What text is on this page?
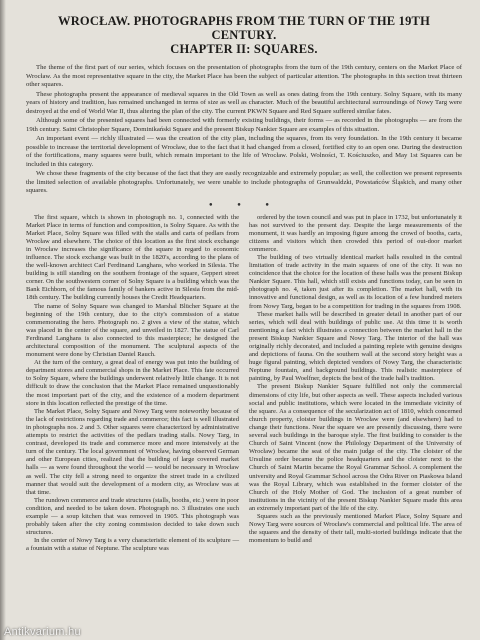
WROCŁAW. PHOTOGRAPHS FROM THE TURN OF THE 19TH CENTURY.
CHAPTER II: SQUARES.

The theme of the first part of our series, which focuses on the presentation of photographs from the turn of the 19th century, centers on the Market Place of Wrocław. As the most representative square in the city, the Market Place has been the subject of particular attention. The photographs in this section treat thirteen other squares.

These photographs present the appearance of medieval squares in the Old Town as well as ones dating from the 19th century. Solny Square, with its many years of history and tradition, has remained unchanged in terms of size as well as character. Much of the beautiful architectural surroundings of Nowy Targ were destroyed at the end of World War II, thus altering the plan of the city. The current PKWN Square and Red Square suffered similar fates.

Although some of the presented squares had been connected with formerly existing buildings, their forms — as recorded in the photographs — are from the 19th century. Saint Christopher Square, Dominikański Square and the present Biskup Nankier Square are examples of this situation.

An important event — richly illustrated — was the creation of the city plan, including the squares, from its very foundation. In the 19th century it became possible to increase the territorial development of Wrocław, due to the fact that it had changed from a closed, fortified city to an open one. During the destruction of the fortifications, many squares were built, which remain important to the life of Wrocław. Polski, Wolności, T. Kościuszko, and May 1st Squares can be included in this category.

We chose these fragments of the city because of the fact that they are easily recognizable and extremely popular; as well, the collection we present represents the limited selection of available photographs. Unfortunately, we were unable to include photographs of Grunwaldzki, Powstańców Śląskich, and many other squares.

• • •

The first square, which is shown in photograph no. 1, connected with the Market Place in terms of function and composition, is Solny Square. As with the Market Place, Solny Square was filled with the stalls and carts of pedlars from Wrocław and elsewhere. The choice of this location as the first stock exchange in Wrocław increases the significance of the square in regard to economic influence. The stock exchange was built in the 1820's, according to the plans of the well-known architect Carl Ferdinand Langhans, who worked in Silesia. The building is still standing on the southern frontage of the square, Geppert street corner. On the southwestern corner of Solny Square is a building which was the Bank Eichborn, of the famous family of bankers active in Silesia from the mid-18th century. The building currently houses the Credit Headquarters.

The name of Solny Square was changed to Marshal Blücher Square at the beginning of the 19th century, due to the city's commission of a statue commemorating the hero. Photograph no. 2 gives a view of the statue, which was placed in the center of the square, and unveiled in 1827. The statue of Carl Ferdinand Langhans is also connected to this masterpiece; he designed the architectural composition of the monument. The sculptural aspects of the monument were done by Christian Daniel Rauch.

At the turn of the century, a great deal of energy was put into the building of department stores and commercial shops in the Market Place. This fate occurred to Solny Square, where the buildings underwent relatively little change. It is not difficult to draw the conclusion that the Market Place remained unquestionably the most important part of the city, and the existence of a modern department store in this location reflected the prestige of the time.

The Market Place, Solny Square and Nowy Targ were noteworthy because of the lack of restrictions regarding trade and commerce; this fact is well illustrated in photographs nos. 2 and 3. Other squares were characterized by administrative attempts to restrict the activities of the pedlars trading stalls. Nowy Targ, in contrast, developed its trade and commerce more and more intensively at the turn of the century. The local government of Wrocław, having observed German and other European cities, realized that the building of large covered market halls — as were found throughout the world — would be necessary in Wrocław as well. The city fell a strong need to organize the street trade in a civilized manner that would suit the development of a modern city, as Wrocław was at that time.

The rundown commerce and trade structures (stalls, booths, etc.) were in poor condition, and needed to be taken down. Photograph no. 3 illustrates one such example — a soup kitchen that was removed in 1905. This photograph was probably taken after the city zoning commission decided to take down such structures.

In the center of Nowy Targ is a very characteristic element of its sculpture — a fountain with a statue of Neptune. The sculpture was

ordered by the town council and was put in place in 1732, but unfortunately it has not survived to the present day. Despite the large measurements of the monument, it was hardly an imposing figure among the crowd of booths, carts, citizens and visitors which then crowded this period of out-door market commerce.

The building of two virtually identical market halls resulted in the central limitation of trade activity in the main squares of one of the city. It was no coincidence that the choice for the location of these halls was the present Biskup Nankier Square. This hall, which still exists and functions today, can be seen in photograph no. 4, taken just after its completion. The market hall, with its innovative and functional design, as well as its location of a few hundred meters from Nowy Targ, began to be a competition for trading in the squares from 1908.

These market halls will be described in greater detail in another part of our series, which will deal with buildings of public use. At this time it is worth mentioning a fact which illustrates a connection between the market hall in the present Biskup Nankier Square and Nowy Targ. The interior of the hall was originally richly decorated, and included a painting replete with genuine designs and depictions of fauna. On the southern wall at the second story height was a huge figural painting, which depicted vendors of Nowy Targ, the characteristic Neptune fountain, and background buildings. This realistic masterpiece of painting, by Paul Woelfner, depicts the best of the trade hall's tradition.

The present Biskup Nankier Square fulfilled not only the commercial dimensions of city life, but other aspects as well. These aspects included various social and public institutions, which were located in the immediate vicinity of the square. As a consequence of the secularization act of 1810, which concerned church property, cloister buildings in Wrocław were (and elsewhere) had to change their functions. Near the square we are presently discussing, there were several such buildings in the baroque style. The first building to consider is the Church of Saint Vincent (now the Philology Department of the University of Wrocław) became the seat of the main judge of the city. The cloister of the Ursuline order became the police headquarters and the cloister next to the Church of Saint Martin became the Royal Grammar School. A complement the university and Royal Grammar School across the Odra River on Piaskowa Island was the Royal Library, which was established in the former cloister of the Church of the Holy Mother of God. The inclusion of a great number of institutions in the vicinity of the present Biskup Nankier Square made this area an extremely important part of the life of the city.

Squares such as the previously mentioned Market Place, Solny Square and Nowy Targ were sources of Wrocław's commercial and political life. The area of the squares and the density of their tall, multi-storied buildings indicate that the momentum to build and

Antikvarium.hu
